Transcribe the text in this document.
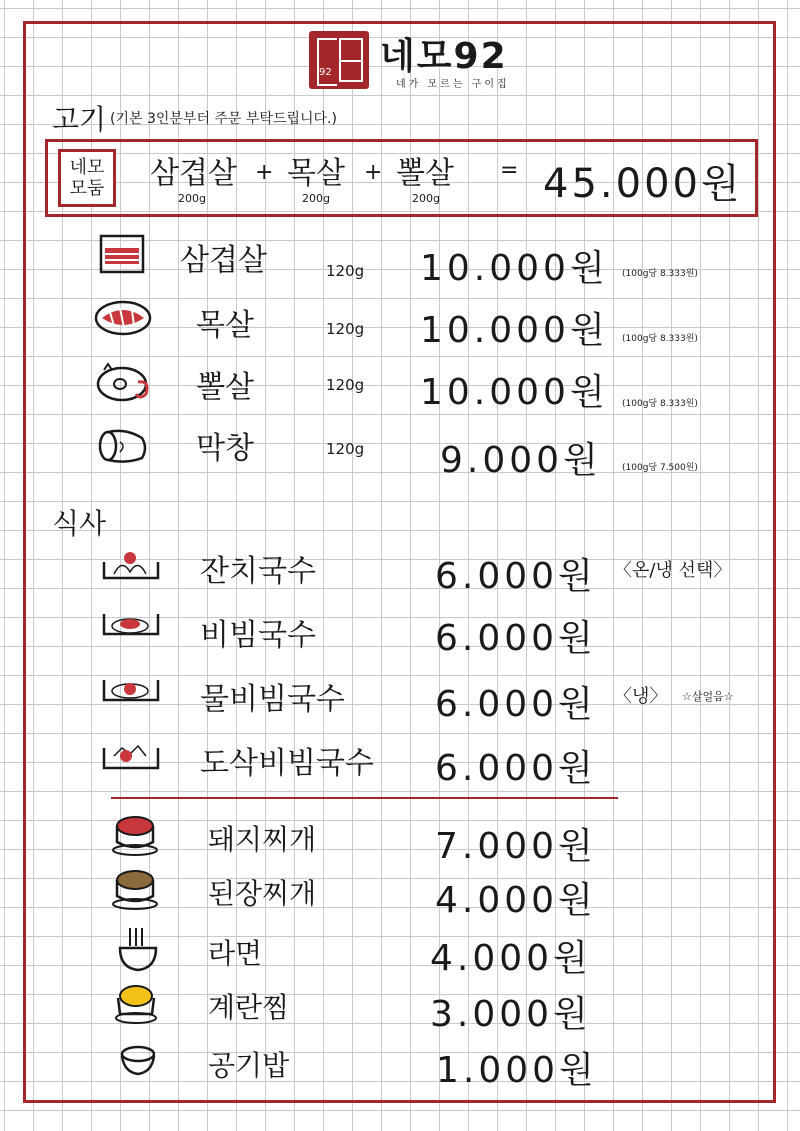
92 네모92
네가 모르는 구이집
고기 (기본 3인분부터 주문 부탁드립니다.)
네모
모둠 삼겹살
200g
+ 목살
200g
+ 뽈살
200g
= 45.000원
삼겹살	120g 10.000원 (100g당 8.333원)
목살	120g 10.000원 (100g당 8.333원)
뽈살	120g 10.000원 (100g당 8.333원)
막창	120g 9.000원 (100g당 7.500원)
식사
잔치국수	6.000원 〈온/냉 선택〉
비빔국수	6.000원
물비빔국수	6.000원 〈냉〉 ☆살얼음☆
도삭비빔국수 6.000원
돼지찌개	7.000원
된장찌개	4.000원
라면	4.000원
계란찜	3.000원
공기밥	1.000원
